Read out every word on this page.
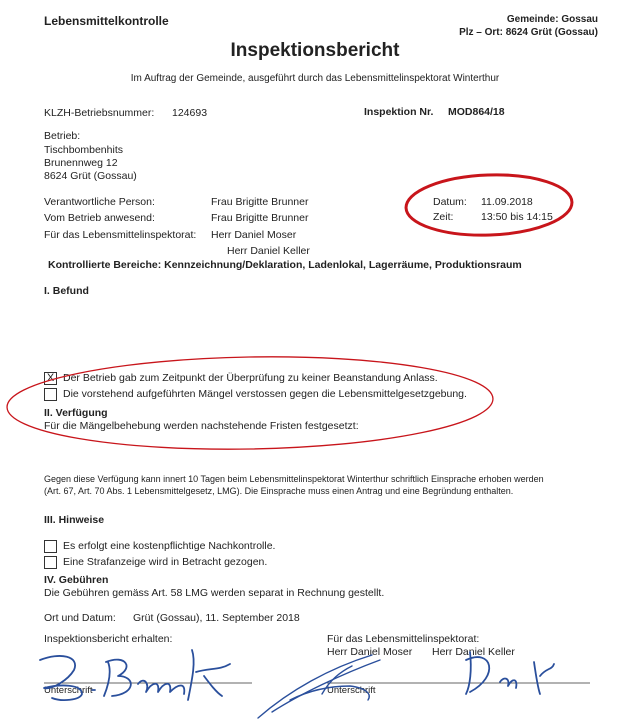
Lebensmittelkontrolle	Gemeinde: Gossau
Plz – Ort: 8624 Grüt (Gossau)
Inspektionsbericht
Im Auftrag der Gemeinde, ausgeführt durch das Lebensmittelinspektorat Winterthur
KLZH-Betriebsnummer: 124693	Inspektion Nr. MOD864/18
Betrieb:
Tischbombenhits
Brunennweg 12
8624 Grüt (Gossau)
Verantwortliche Person:	Frau Brigitte Brunner
Vom Betrieb anwesend:	Frau Brigitte Brunner
Für das Lebensmittelinspektorat: Herr Daniel Moser
Herr Daniel Keller
Datum: 11.09.2018
Zeit:	13:50 bis 14:15
Kontrollierte Bereiche: Kennzeichnung/Deklaration, Ladenlokal, Lagerräume, Produktionsraum
I. Befund
X Der Betrieb gab zum Zeitpunkt der Überprüfung zu keiner Beanstandung Anlass.
Die vorstehend aufgeführten Mängel verstossen gegen die Lebensmittelgesetzgebung.
II. Verfügung
Für die Mängelbehebung werden nachstehende Fristen festgesetzt:
Gegen diese Verfügung kann innert 10 Tagen beim Lebensmittelinspektorat Winterthur schriftlich Einsprache erhoben werden
(Art. 67, Art. 70 Abs. 1 Lebensmittelgesetz, LMG). Die Einsprache muss einen Antrag und eine Begründung enthalten.
III. Hinweise
Es erfolgt eine kostenpflichtige Nachkontrolle.
Eine Strafanzeige wird in Betracht gezogen.
IV. Gebühren
Die Gebühren gemäss Art. 58 LMG werden separat in Rechnung gestellt.
Ort und Datum: Grüt (Gossau), 11. September 2018
Inspektionsbericht erhalten:	Für das Lebensmittelinspektorat:
Herr Daniel Moser Herr Daniel Keller
Unterschrift	Unterschrift
